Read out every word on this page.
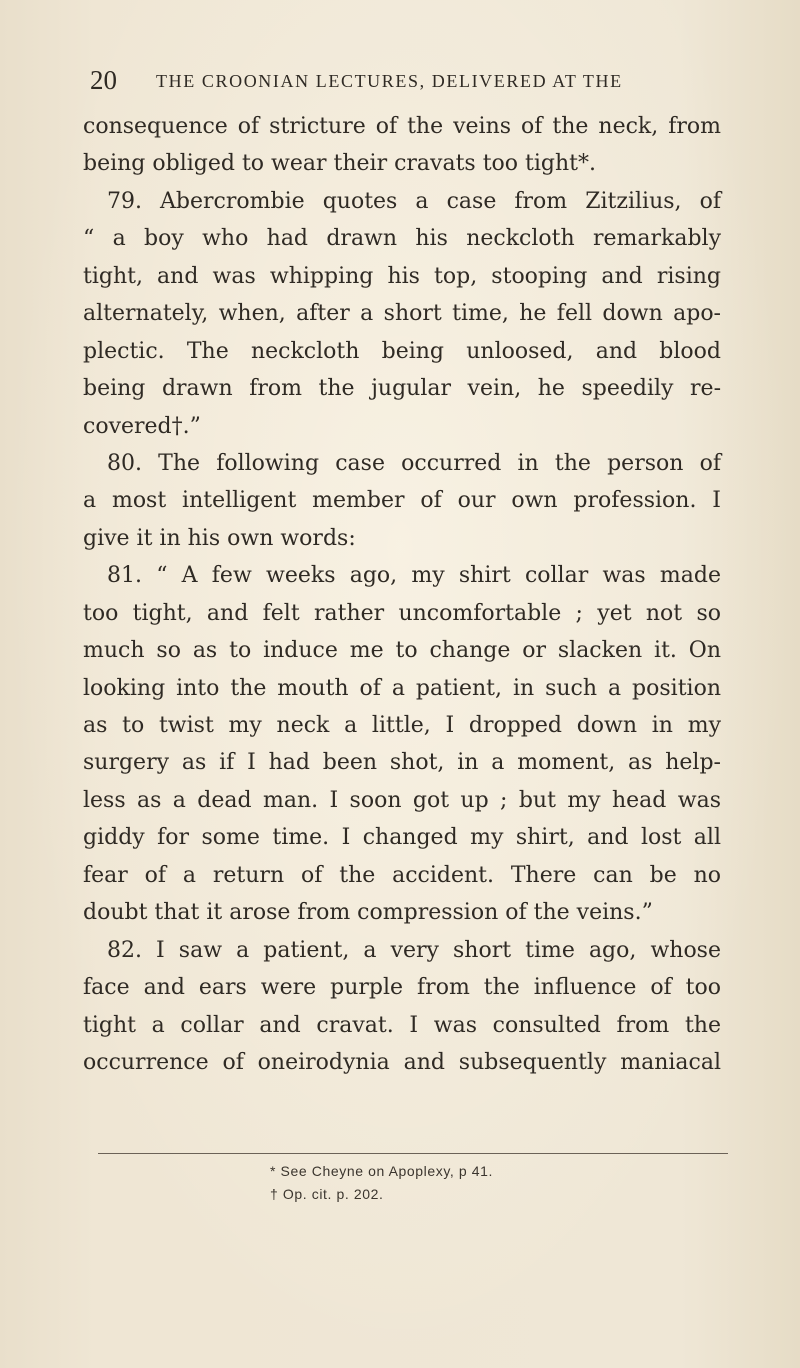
20 THE CROONIAN LECTURES, DELIVERED AT THE
consequence of stricture of the veins of the neck, from
being obliged to wear their cravats too tight*.
79. Abercrombie quotes a case from Zitzilius, of
“ a boy who had drawn his neckcloth remarkably
tight, and was whipping his top, stooping and rising
alternately, when, after a short time, he fell down apo-
plectic. The neckcloth being unloosed, and blood
being drawn from the jugular vein, he speedily re-
covered†.”
80. The following case occurred in the person of
a most intelligent member of our own profession. I
give it in his own words:
81. “ A few weeks ago, my shirt collar was made
too tight, and felt rather uncomfortable ; yet not so
much so as to induce me to change or slacken it. On
looking into the mouth of a patient, in such a position
as to twist my neck a little, I dropped down in my
surgery as if I had been shot, in a moment, as help-
less as a dead man. I soon got up ; but my head was
giddy for some time. I changed my shirt, and lost all
fear of a return of the accident. There can be no
doubt that it arose from compression of the veins.”
82. I saw a patient, a very short time ago, whose
face and ears were purple from the influence of too
tight a collar and cravat. I was consulted from the
occurrence of oneirodynia and subsequently maniacal
* See Cheyne on Apoplexy, p 41.
† Op. cit. p. 202.
